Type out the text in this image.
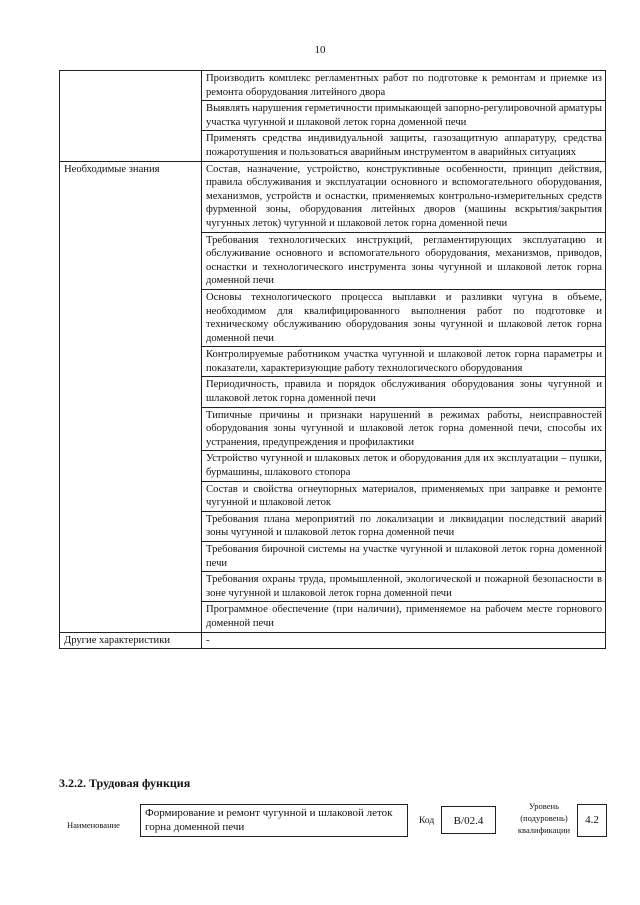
10
	Производить комплекс регламентных работ по подготовке к ремонтам и приемке из ремонта оборудования литейного двора
	Выявлять нарушения герметичности примыкающей запорно-регулировочной арматуры участка чугунной и шлаковой леток горна доменной печи
	Применять средства индивидуальной защиты, газозащитную аппаратуру, средства пожаротушения и пользоваться аварийным инструментом в аварийных ситуациях
Необходимые знания	Состав, назначение, устройство, конструктивные особенности, принцип действия, правила обслуживания и эксплуатации основного и вспомогательного оборудования, механизмов, устройств и оснастки, применяемых контрольно-измерительных средств фурменной зоны, оборудования литейных дворов (машины вскрытия/закрытия чугунных леток) чугунной и шлаковой леток горна доменной печи
	Требования технологических инструкций, регламентирующих эксплуатацию и обслуживание основного и вспомогательного оборудования, механизмов, приводов, оснастки и технологического инструмента зоны чугунной и шлаковой леток горна доменной печи
	Основы технологического процесса выплавки и разливки чугуна в объеме, необходимом для квалифицированного выполнения работ по подготовке и техническому обслуживанию оборудования зоны чугунной и шлаковой леток горна доменной печи
	Контролируемые работником участка чугунной и шлаковой леток горна параметры и показатели, характеризующие работу технологического оборудования
	Периодичность, правила и порядок обслуживания оборудования зоны чугунной и шлаковой леток горна доменной печи
	Типичные причины и признаки нарушений в режимах работы, неисправностей оборудования зоны чугунной и шлаковой леток горна доменной печи, способы их устранения, предупреждения и профилактики
	Устройство чугунной и шлаковых леток и оборудования для их эксплуатации – пушки, бурмашины, шлакового стопора
	Состав и свойства огнеупорных материалов, применяемых при заправке и ремонте чугунной и шлаковой леток
	Требования плана мероприятий по локализации и ликвидации последствий аварий зоны чугунной и шлаковой леток горна доменной печи
	Требования бирочной системы на участке чугунной и шлаковой леток горна доменной печи
	Требования охраны труда, промышленной, экологической и пожарной безопасности в зоне чугунной и шлаковой леток горна доменной печи
	Программное обеспечение (при наличии), применяемое на рабочем месте горнового доменной печи
Другие характеристики	-
3.2.2. Трудовая функция
Наименование
Формирование и ремонт чугунной и шлаковой леток горна доменной печи	Код	B/02.4
Уровень (подуровень) квалификации
4.2
